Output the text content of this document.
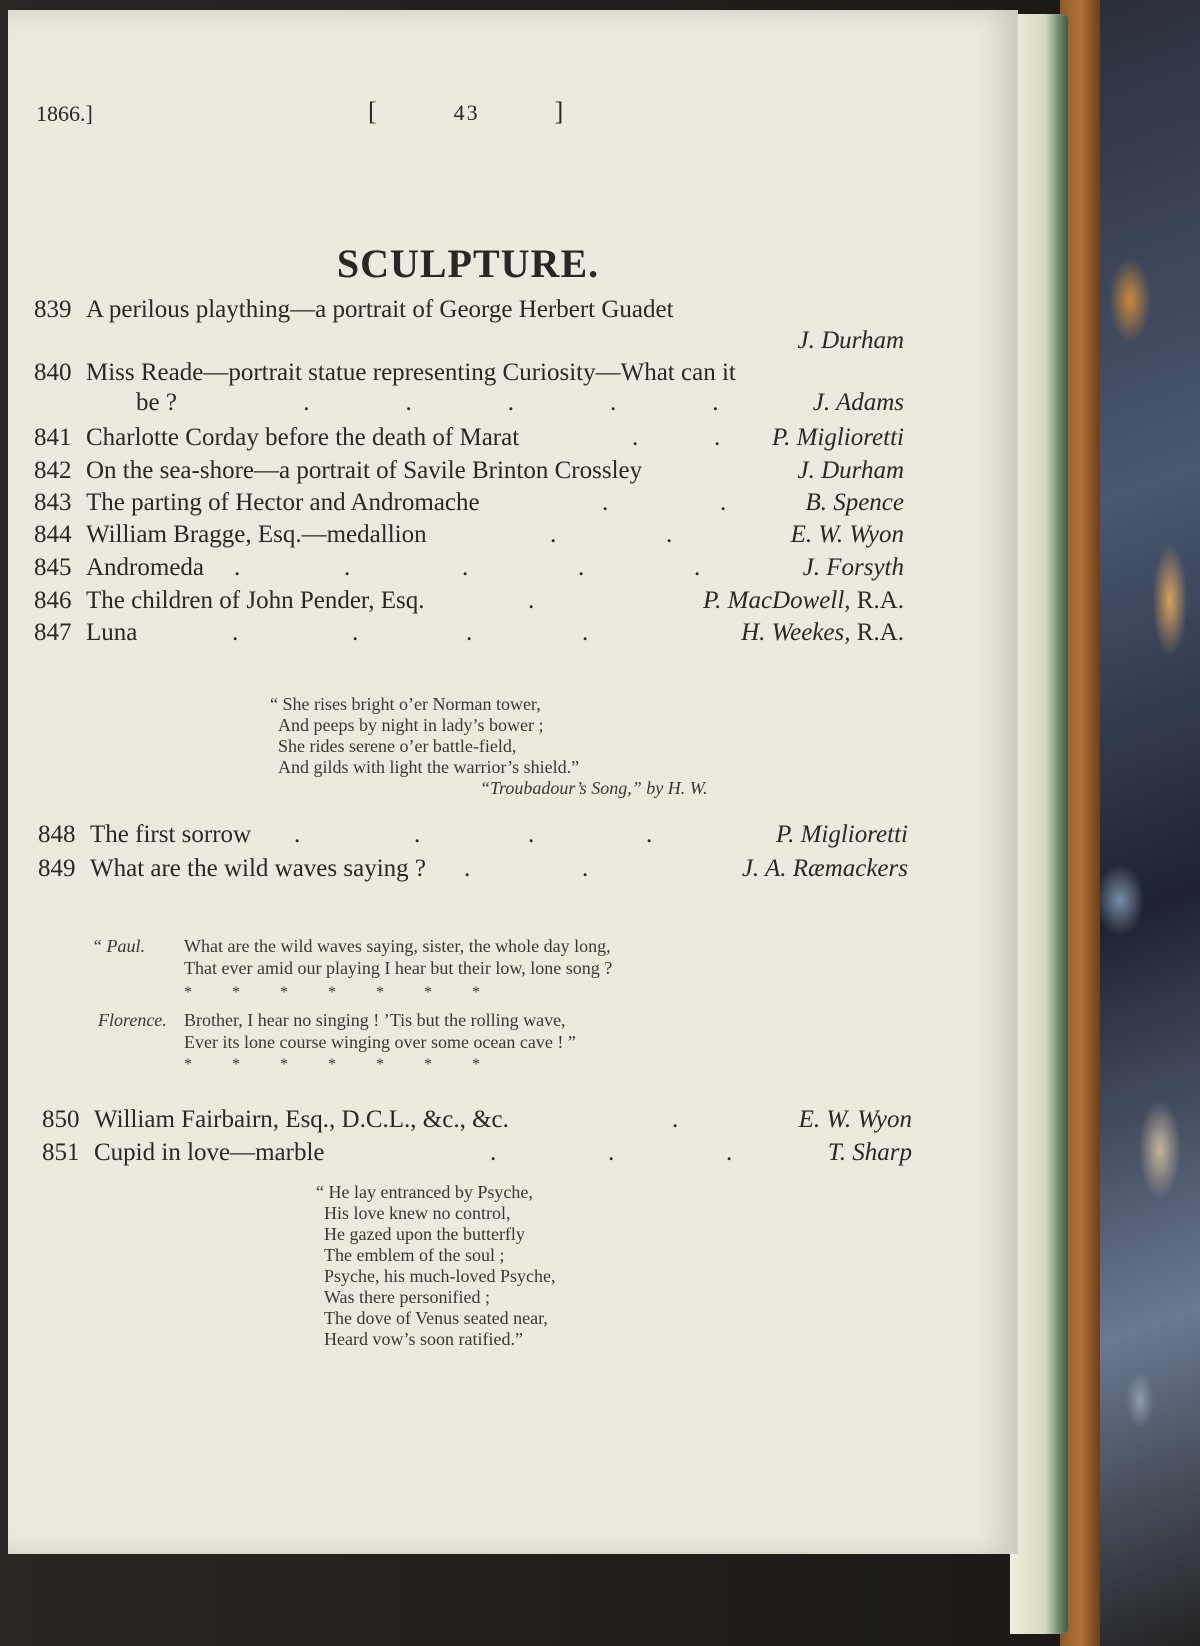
1866.]	[	43	]
SCULPTURE.
839 A perilous plaything—a portrait of George Herbert Guadet
J. Durham
840 Miss Reade—portrait statue representing Curiosity—What can it
be ?	.....
J. Adams
841 Charlotte Corday before the death of Marat	.	. P. Miglioretti
842 On the sea-shore—a portrait of Savile Brinton Crossley	J. Durham
843 The parting of Hector and Andromache	.	.	B. Spence
844 William Bragge, Esq.—medallion	.	.	E. W. Wyon
845 Andromeda .	.	.	.	.	J. Forsyth
846 The children of John Pender, Esq.	.	P. MacDowell, R.A.
847 Luna	.	.	.	.	H. Weekes, R.A.
“ She rises bright o’er Norman tower,
And peeps by night in lady’s bower ;
She rides serene o’er battle-field,
And gilds with light the warrior’s shield.”
“Troubadour’s Song,” by H. W.
848 The first sorrow .	.	.	.	P. Miglioretti
849 What are the wild waves saying ? .	.	J. A. Ræmackers
“ Paul. What are the wild waves saying, sister, the whole day long,
That ever amid our playing I hear but their low, lone song ?
*          *          *          *          *          *          *
Florence. Brother, I hear no singing ! ’Tis but the rolling wave,
Ever its lone course winging over some ocean cave ! ”
*          *          *          *          *          *          *
850 William Fairbairn, Esq., D.C.L., &c., &c.	.	E. W. Wyon
851 Cupid in love—marble	.	.	.	T. Sharp
“ He lay entranced by Psyche,
His love knew no control,
He gazed upon the butterfly
The emblem of the soul ;
Psyche, his much-loved Psyche,
Was there personified ;
The dove of Venus seated near,
Heard vow’s soon ratified.”
